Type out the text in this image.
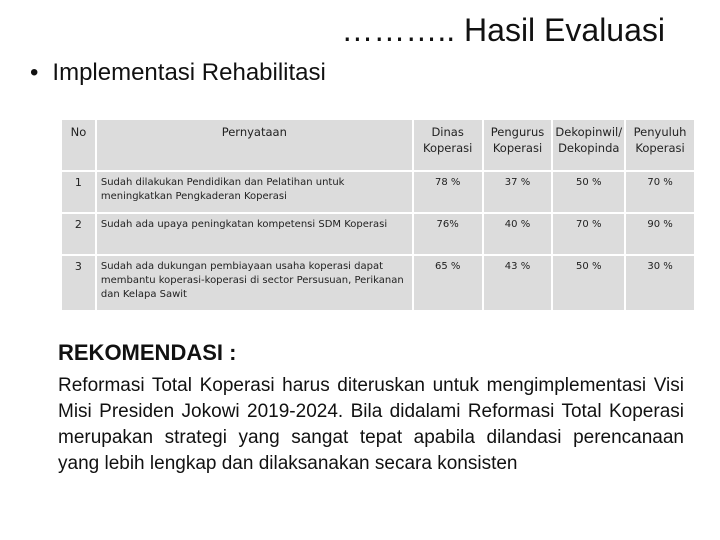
……….. Hasil Evaluasi
• Implementasi Rehabilitasi
No	Pernyataan	Dinas Koperasi	Pengurus Koperasi	Dekopinwil/ Dekopinda	Penyuluh Koperasi
1	Sudah dilakukan Pendidikan dan Pelatihan untuk meningkatkan Pengkaderan Koperasi	78 %	37 %	50 %	70 %
2	Sudah ada upaya peningkatan kompetensi SDM Koperasi	76%	40 %	70 %	90 %
3	Sudah ada dukungan pembiayaan usaha koperasi dapat membantu koperasi-koperasi di sector Persusuan, Perikanan dan Kelapa Sawit	65 %	43 %	50 %	30 %
REKOMENDASI :
Reformasi Total Koperasi harus diteruskan untuk mengimplementasi Visi Misi Presiden Jokowi 2019-2024. Bila didalami Reformasi Total Koperasi merupakan strategi yang sangat tepat apabila dilandasi perencanaan yang lebih lengkap dan dilaksanakan secara konsisten
